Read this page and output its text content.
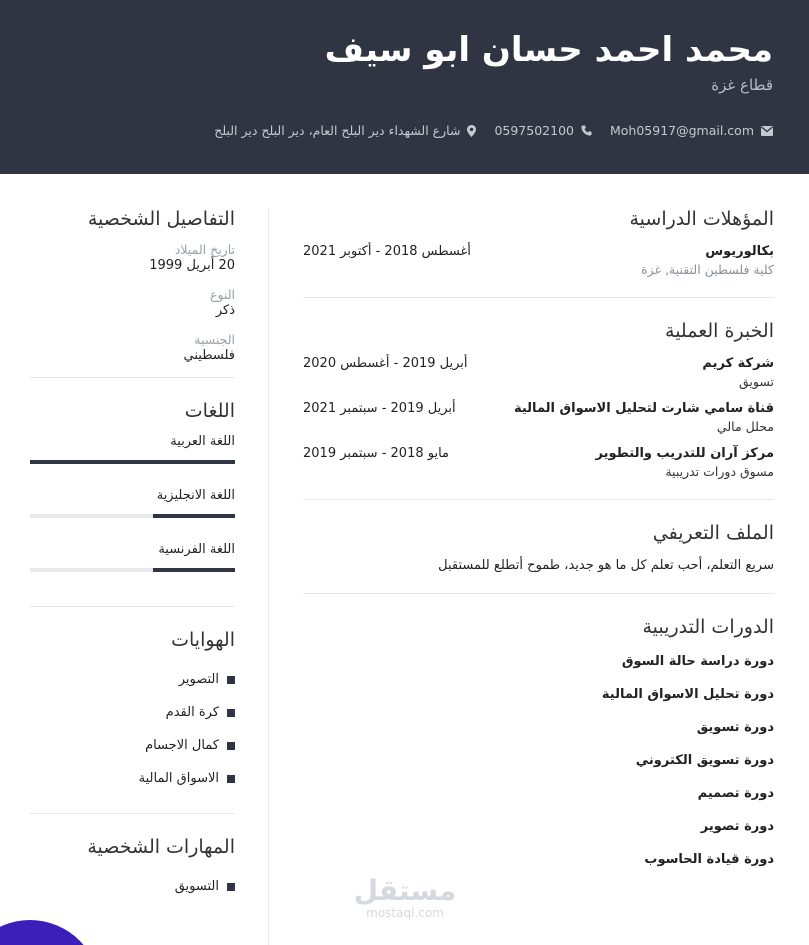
محمد احمد حسان ابو سيف
قطاع غزة
Moh05917@gmail.com
0597502100
شارع الشهداء دير البلح العام، دير البلح دير البلح
المؤهلات الدراسية
بكالوريوس
كلية فلسطين التقنية, غزة
أغسطس 2018 - أكتوبر 2021
الخبرة العملية
شركة كريم
تسويق
أبريل 2019 - أغسطس 2020
قناة سامي شارت لتحليل الاسواق المالية
محلل مالي
أبريل 2019 - سبتمبر 2021
مركز آران للتدريب والتطوير
مسوق دورات تدريبية
مايو 2018 - سبتمبر 2019
الملف التعريفي
سريع التعلم، أحب تعلم كل ما هو جديد، طموح أتطلع للمستقبل
الدورات التدريبية
دورة دراسة حالة السوق
دورة تحليل الاسواق المالية
دورة تسويق
دورة تسويق الكتروني
دورة تصميم
دورة تصوير
دورة قيادة الحاسوب
التفاصيل الشخصية
تاريخ الميلاد
20 أبريل 1999
النوع
ذكر
الجنسية
فلسطيني
اللغات
اللغة العربية
اللغة الانجليزية
اللغة الفرنسية
الهوايات
التصوير
كرة القدم
كمال الاجسام
الاسواق المالية
المهارات الشخصية
التسويق	مستقل
mostaql.com
